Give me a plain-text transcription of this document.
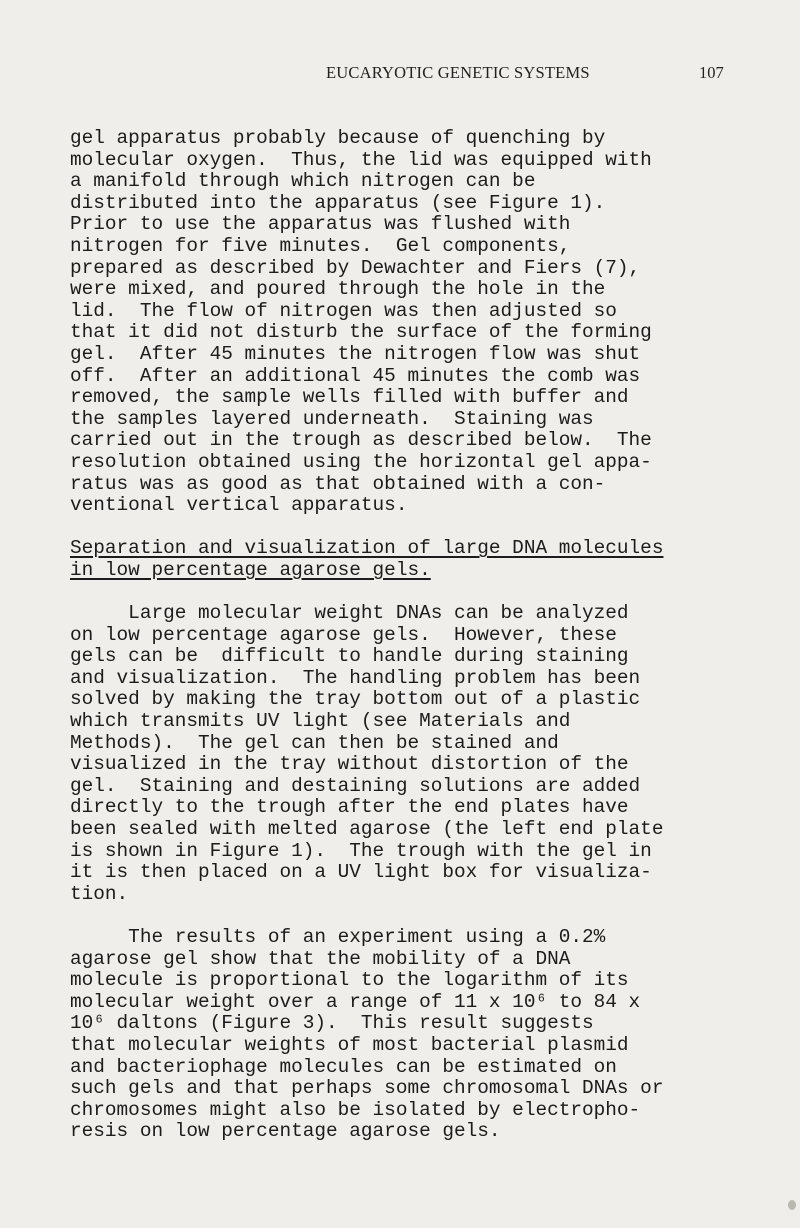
EUCARYOTIC GENETIC SYSTEMS	107
gel apparatus probably because of quenching by
molecular oxygen.  Thus, the lid was equipped with
a manifold through which nitrogen can be
distributed into the apparatus (see Figure 1).
Prior to use the apparatus was flushed with
nitrogen for five minutes.  Gel components,
prepared as described by Dewachter and Fiers (7),
were mixed, and poured through the hole in the
lid.  The flow of nitrogen was then adjusted so
that it did not disturb the surface of the forming
gel.  After 45 minutes the nitrogen flow was shut
off.  After an additional 45 minutes the comb was
removed, the sample wells filled with buffer and
the samples layered underneath.  Staining was
carried out in the trough as described below.  The
resolution obtained using the horizontal gel appa-
ratus was as good as that obtained with a con-
ventional vertical apparatus.
Separation and visualization of large DNA molecules
in low percentage agarose gels.
Large molecular weight DNAs can be analyzed
on low percentage agarose gels.  However, these
gels can be  difficult to handle during staining
and visualization.  The handling problem has been
solved by making the tray bottom out of a plastic
which transmits UV light (see Materials and
Methods).  The gel can then be stained and
visualized in the tray without distortion of the
gel.  Staining and destaining solutions are added
directly to the trough after the end plates have
been sealed with melted agarose (the left end plate
is shown in Figure 1).  The trough with the gel in
it is then placed on a UV light box for visualiza-
tion.
The results of an experiment using a 0.2%
agarose gel show that the mobility of a DNA
molecule is proportional to the logarithm of its
molecular weight over a range of 11 x 10⁶ to 84 x
10⁶ daltons (Figure 3).  This result suggests
that molecular weights of most bacterial plasmid
and bacteriophage molecules can be estimated on
such gels and that perhaps some chromosomal DNAs or
chromosomes might also be isolated by electropho-
resis on low percentage agarose gels.
